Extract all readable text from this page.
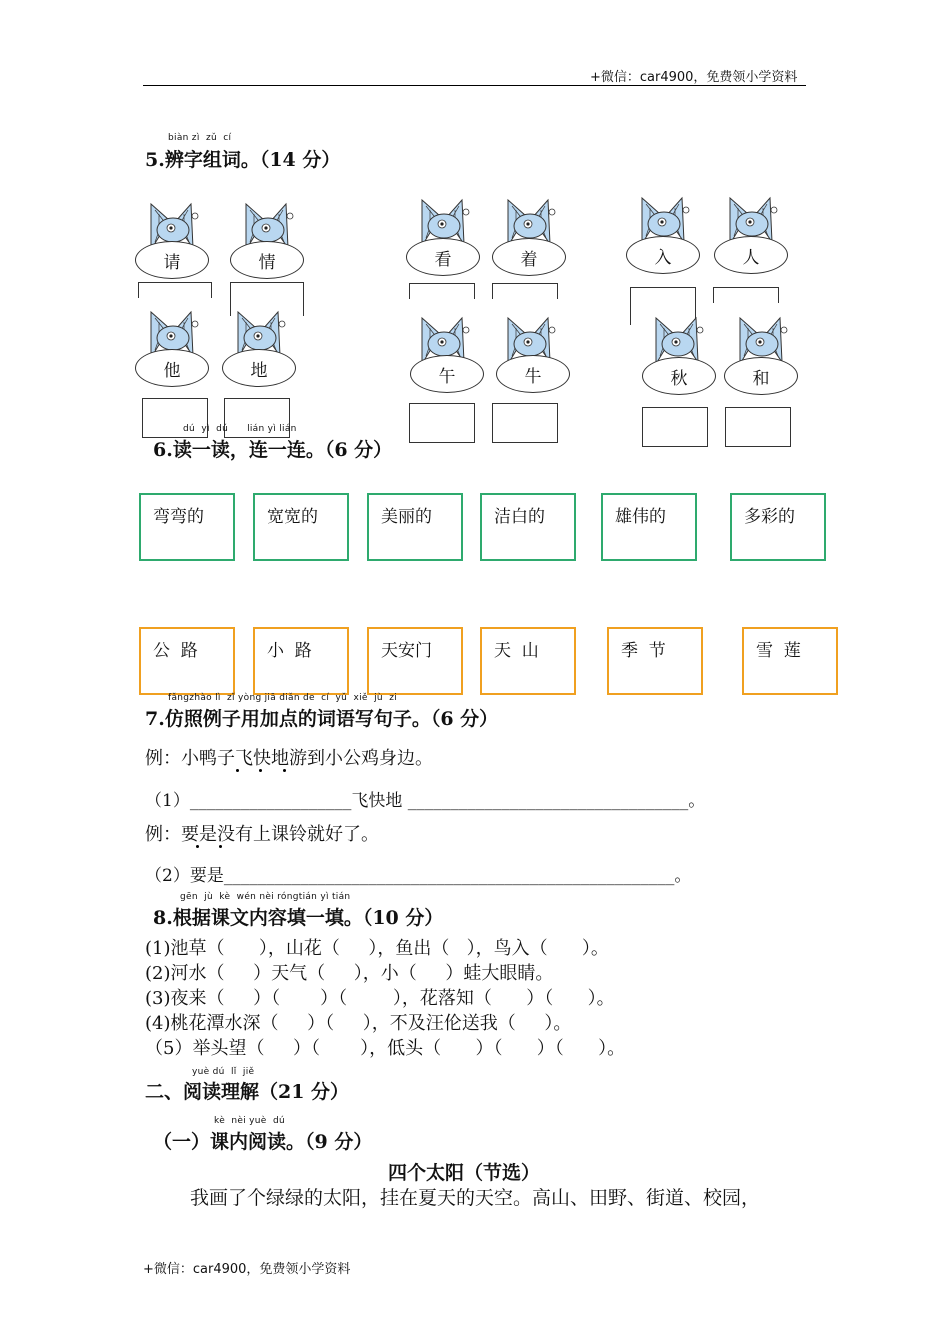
+微信：car4900，免费领小学资料
biàn zì  zǔ  cí
5.辨字组词。（14 分）
请	情
他	地
看	着
午	牛
入	人
秋	和
dú  yì  dú      lián yì lián
6.读一读，连一连。（6 分）
弯弯的	宽宽的	美丽的	洁白的	雄伟的	多彩的
公  路	小  路	天安门	天  山	季  节	雪  莲
fǎngzhào lì  zǐ yòng jiā diǎn de  cí  yǔ  xiě  jù  zi
7.仿照例子用加点的词语写句子。（6 分）
例：小鸭子飞快地游到小公鸡身边。
（1）___________________飞快地 _________________________________。
例：要是没有上课铃就好了。
（2）要是_____________________________________________________。
gēn  jù  kè  wén nèi róngtián yì tián
8.根据课文内容填一填。（10 分）
(1)池草（      ），山花（     ），鱼出（   ），鸟入（      ）。
(2)河水（     ）天气（     ），小（     ）蛙大眼睛。
(3)夜来（     ）（       ）（        ），花落知（      ）（      ）。
(4)桃花潭水深（     ）（     ），不及汪伦送我（     ）。
（5）举头望（     ）（       ），低头（      ）（      ）（      ）。
yuè dú  lǐ  jiě
二、阅读理解（21 分）
kè  nèi yuè  dú
（一）课内阅读。（9 分）
四个太阳（节选）
我画了个绿绿的太阳，挂在夏天的天空。高山、田野、街道、校园，
+微信：car4900，免费领小学资料
